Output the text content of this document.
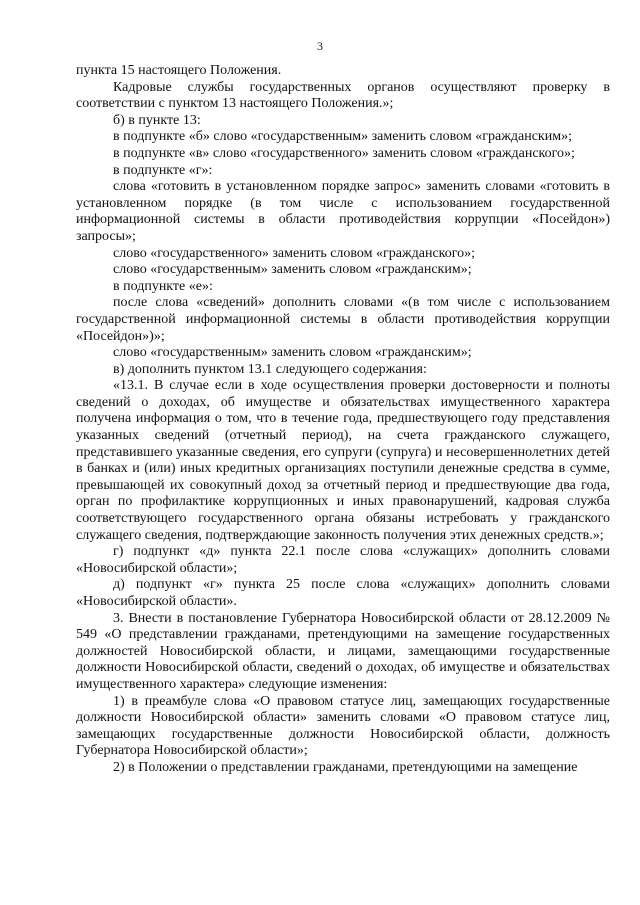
3

пункта 15 настоящего Положения.

Кадровые службы государственных органов осуществляют проверку в соответствии с пунктом 13 настоящего Положения.»;

б) в пункте 13:

в подпункте «б» слово «государственным» заменить словом «гражданским»;

в подпункте «в» слово «государственного» заменить словом «гражданского»;

в подпункте «г»:

слова «готовить в установленном порядке запрос» заменить словами «готовить в установленном порядке (в том числе с использованием государственной информационной системы в области противодействия коррупции «Посейдон») запросы»;

слово «государственного» заменить словом «гражданского»;

слово «государственным» заменить словом «гражданским»;

в подпункте «е»:

после слова «сведений» дополнить словами «(в том числе с использованием государственной информационной системы в области противодействия коррупции «Посейдон»)»;

слово «государственным» заменить словом «гражданским»;

в) дополнить пунктом 13.1 следующего содержания:

«13.1. В случае если в ходе осуществления проверки достоверности и полноты сведений о доходах, об имуществе и обязательствах имущественного характера получена информация о том, что в течение года, предшествующего году представления указанных сведений (отчетный период), на счета гражданского служащего, представившего указанные сведения, его супруги (супруга) и несовершеннолетних детей в банках и (или) иных кредитных организациях поступили денежные средства в сумме, превышающей их совокупный доход за отчетный период и предшествующие два года, орган по профилактике коррупционных и иных правонарушений, кадровая служба соответствующего государственного органа обязаны истребовать у гражданского служащего сведения, подтверждающие законность получения этих денежных средств.»;

г) подпункт «д» пункта 22.1 после слова «служащих» дополнить словами «Новосибирской области»;

д) подпункт «г» пункта 25 после слова «служащих» дополнить словами «Новосибирской области».

3. Внести в постановление Губернатора Новосибирской области от 28.12.2009 № 549 «О представлении гражданами, претендующими на замещение государственных должностей Новосибирской области, и лицами, замещающими государственные должности Новосибирской области, сведений о доходах, об имуществе и обязательствах имущественного характера» следующие изменения:

1) в преамбуле слова «О правовом статусе лиц, замещающих государственные должности Новосибирской области» заменить словами «О правовом статусе лиц, замещающих государственные должности Новосибирской области, должность Губернатора Новосибирской области»;

2) в Положении о представлении гражданами, претендующими на замещение
